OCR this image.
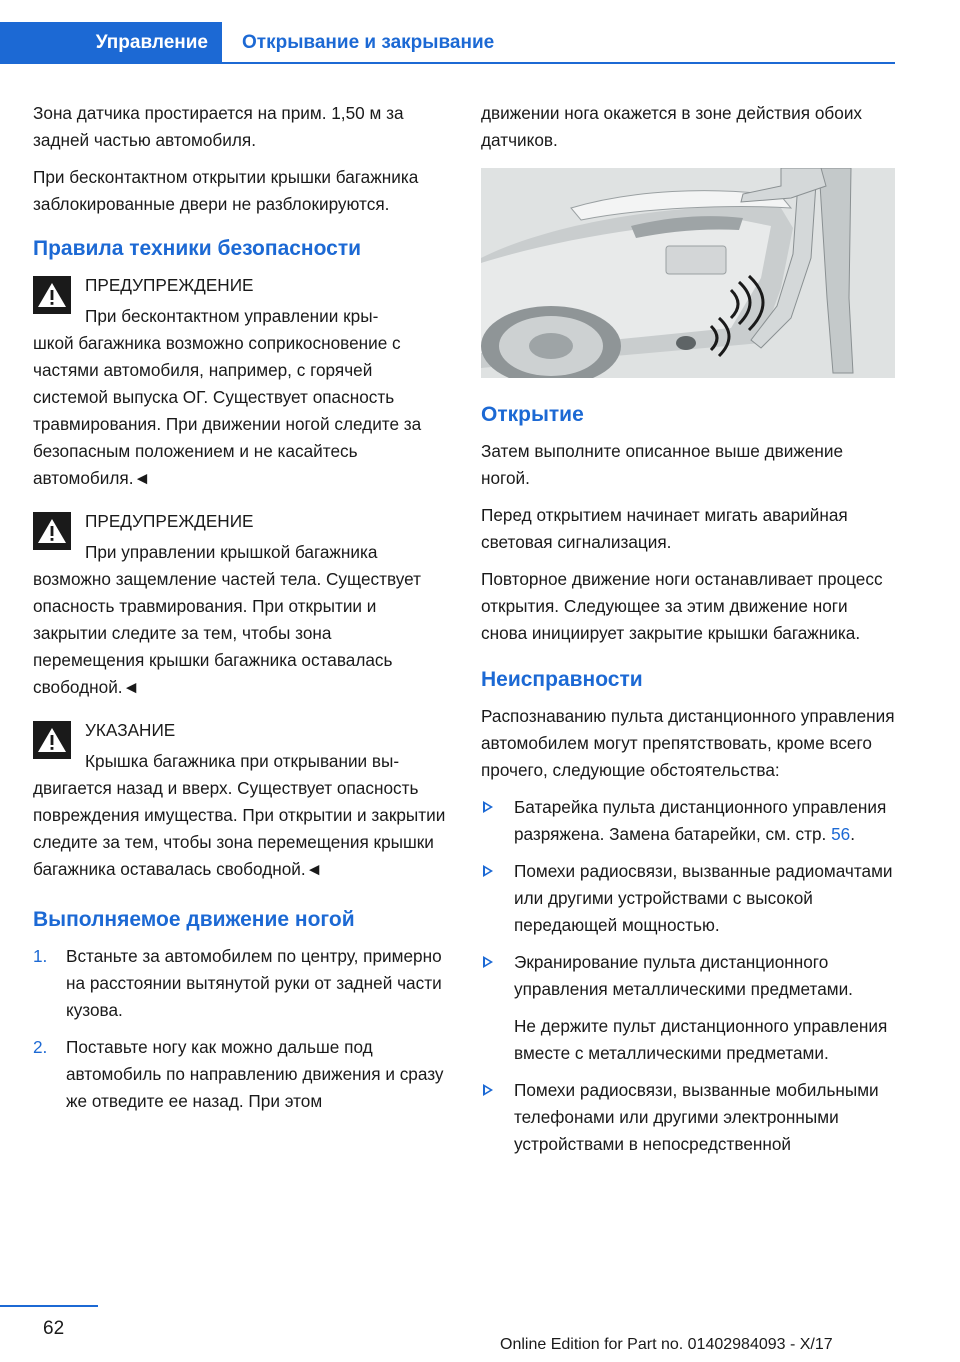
Управление	Открывание и закрывание

Зона датчика простирается на прим. 1,50 м за задней частью автомобиля.

При бесконтактном открытии крышки багажника заблокированные двери не разблокируются.

Правила техники безопасности

ПРЕДУПРЕЖДЕНИЕ

При бесконтактном управлении кры-
шкой багажника возможно соприкосновение с частями автомобиля, например, с горячей системой выпуска ОГ. Существует опасность травмирования. При движении ногой следите за безопасным положением и не касайтесь автомобиля.◄

ПРЕДУПРЕЖДЕНИЕ

При управлении крышкой багажника
возможно защемление частей тела. Существует опасность травмирования. При открытии и закрытии следите за тем, чтобы зона перемещения крышки багажника оставалась свободной.◄

УКАЗАНИЕ

Крышка багажника при открывании вы-
двигается назад и вверх. Существует опасность повреждения имущества. При открытии и закрытии следите за тем, чтобы зона перемещения крышки багажника оставалась свободной.◄

Выполняемое движение ногой
1. Встаньте за автомобилем по центру, примерно на расстоянии вытянутой руки от задней части кузова.
2. Поставьте ногу как можно дальше под автомобиль по направлению движения и сразу же отведите ее назад. При этом

движении нога окажется в зоне действия обоих датчиков.

Открытие

Затем выполните описанное выше движение ногой.

Перед открытием начинает мигать аварийная световая сигнализация.

Повторное движение ноги останавливает процесс открытия. Следующее за этим движение ноги снова инициирует закрытие крышки багажника.

Неисправности

Распознаванию пульта дистанционного управления автомобилем могут препятствовать, кроме всего прочего, следующие обстоятельства:

Батарейка пульта дистанционного управления разряжена. Замена батарейки, см. стр. 56.
Помехи радиосвязи, вызванные радиомачтами или другими устройствами с высокой передающей мощностью.
Экранирование пульта дистанционного управления металлическими предметами.
Не держите пульт дистанционного управления вместе с металлическими предметами.
Помехи радиосвязи, вызванные мобильными телефонами или другими электронными устройствами в непосредственной
62
Online Edition for Part no. 01402984093 - X/17
